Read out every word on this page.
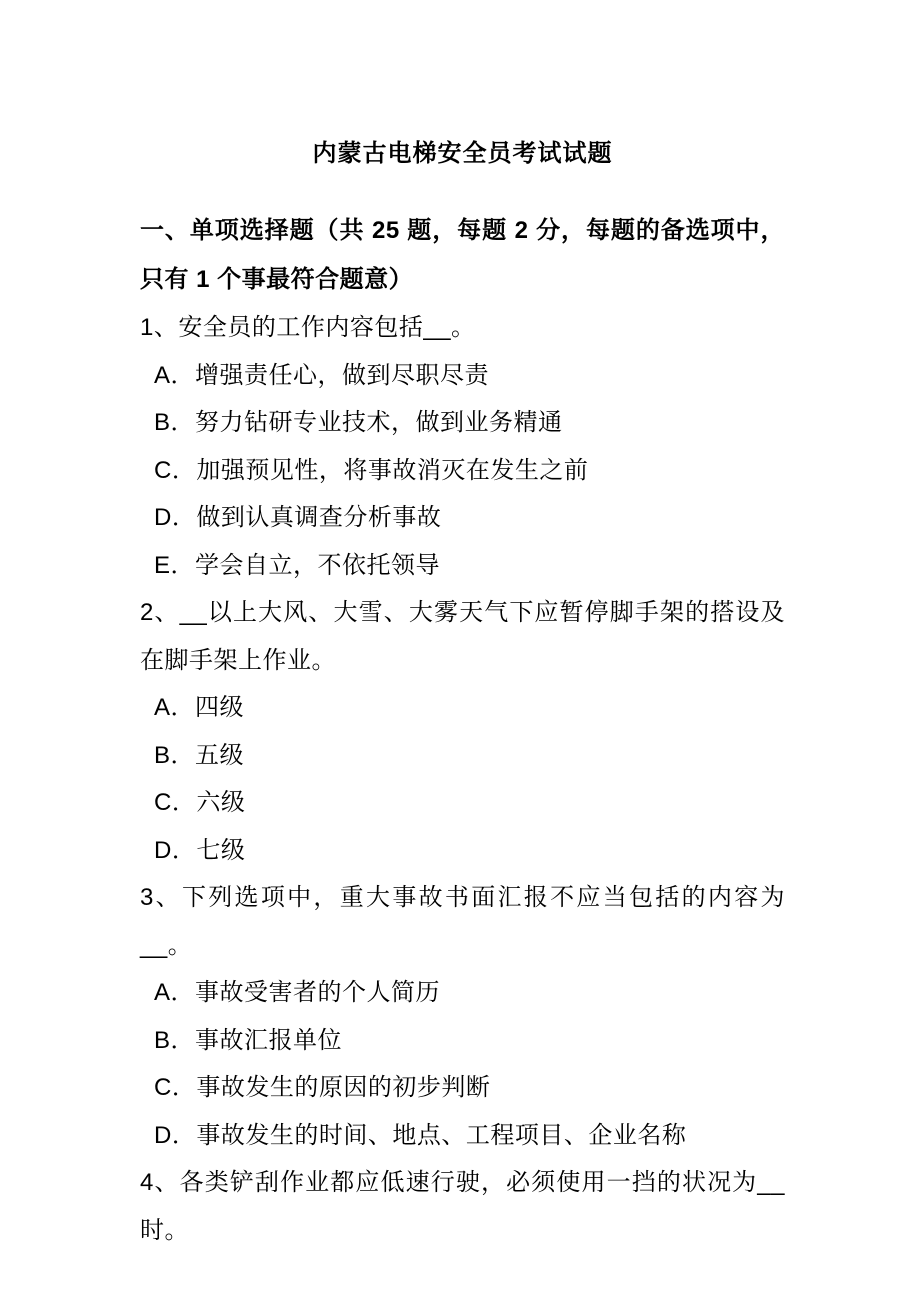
内蒙古电梯安全员考试试题

一、单项选择题（共 25 题，每题 2 分，每题的备选项中，只有 1 个事最符合题意）

1、安全员的工作内容包括__。

A．增强责任心，做到尽职尽责

B．努力钻研专业技术，做到业务精通

C．加强预见性，将事故消灭在发生之前

D．做到认真调查分析事故

E．学会自立，不依托领导

2、__以上大风、大雪、大雾天气下应暂停脚手架的搭设及在脚手架上作业。

A．四级

B．五级

C．六级

D．七级

3、下列选项中，重大事故书面汇报不应当包括的内容为__。

A．事故受害者的个人简历

B．事故汇报单位

C．事故发生的原因的初步判断

D．事故发生的时间、地点、工程项目、企业名称

4、各类铲刮作业都应低速行驶，必须使用一挡的状况为__时。
